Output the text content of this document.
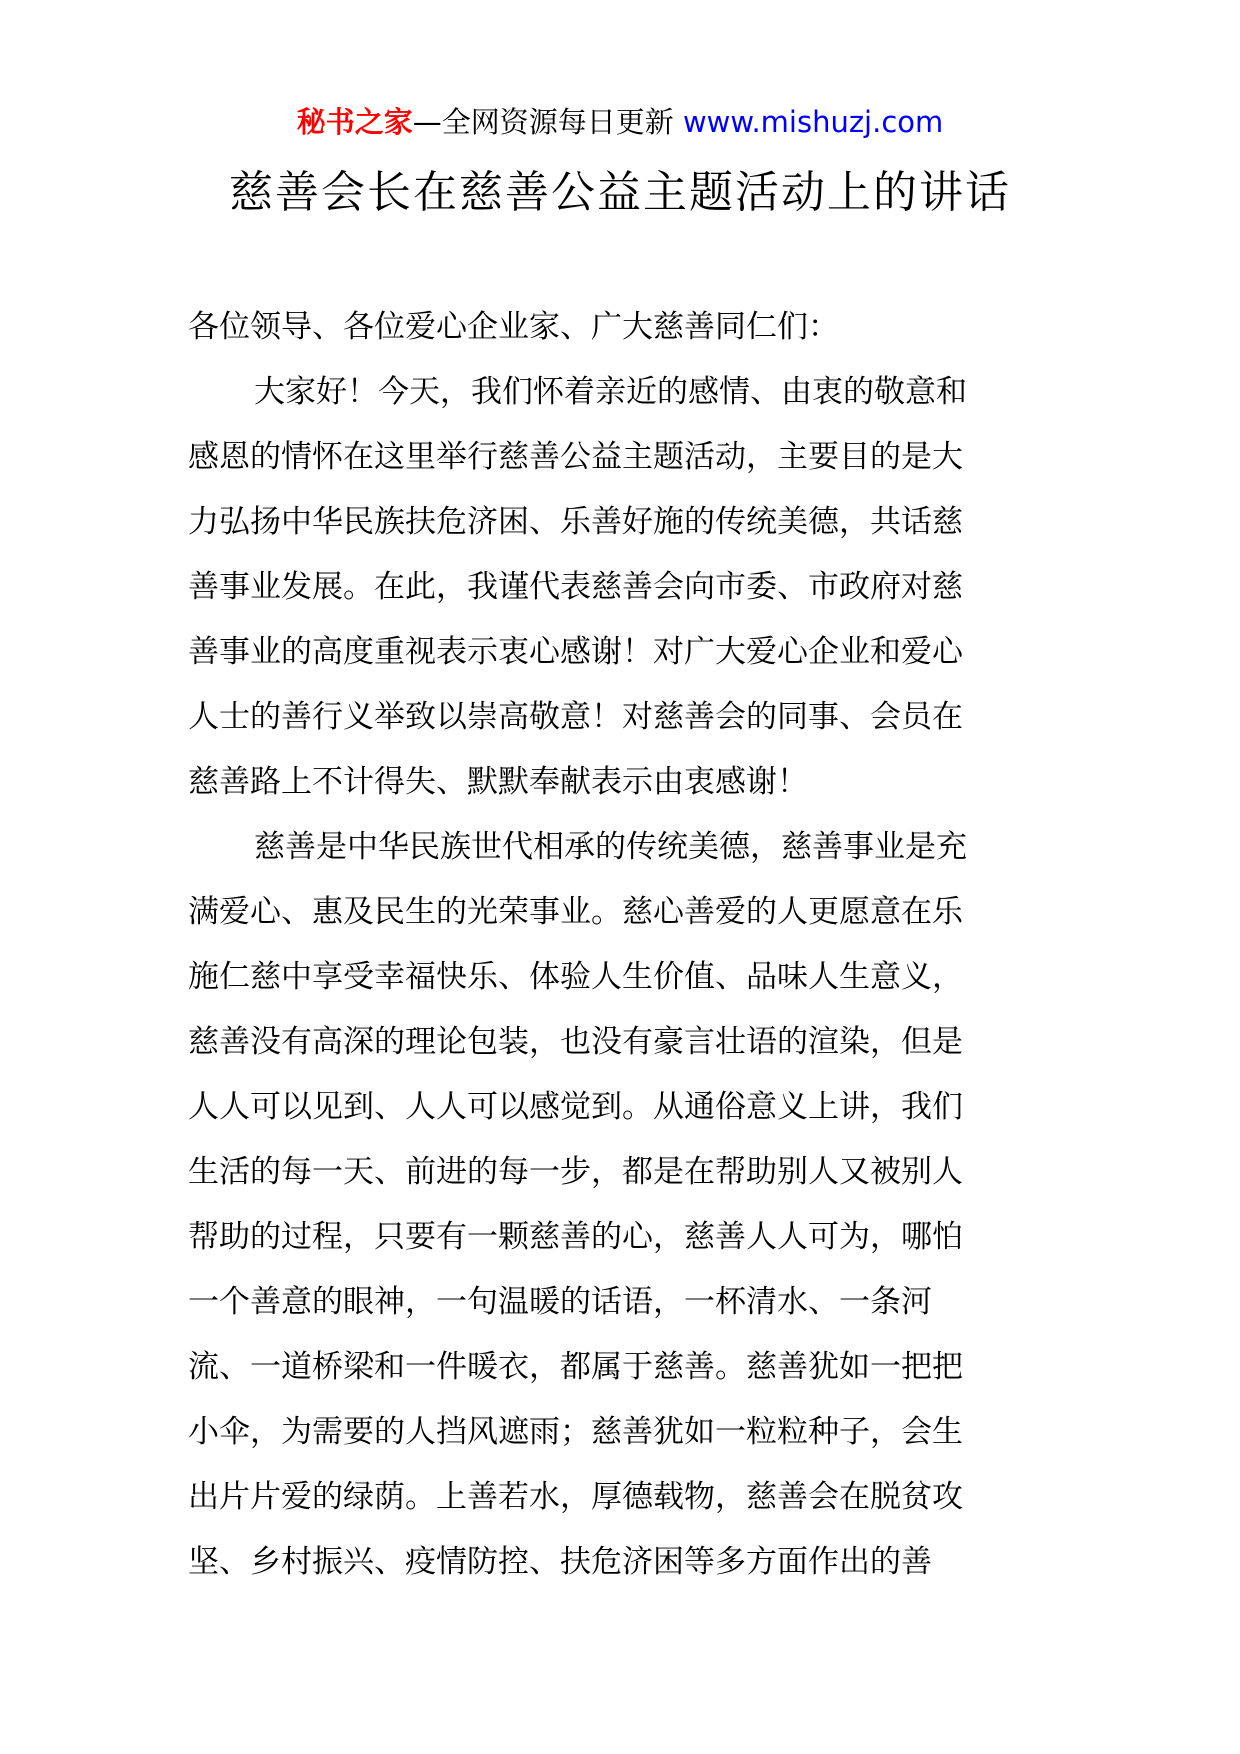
秘书之家—全网资源每日更新 www.mishuzj.com
慈善会长在慈善公益主题活动上的讲话
各位领导、各位爱心企业家、广大慈善同仁们：
大家好！今天，我们怀着亲近的感情、由衷的敬意和
感恩的情怀在这里举行慈善公益主题活动，主要目的是大
力弘扬中华民族扶危济困、乐善好施的传统美德，共话慈
善事业发展。在此，我谨代表慈善会向市委、市政府对慈
善事业的高度重视表示衷心感谢！对广大爱心企业和爱心
人士的善行义举致以崇高敬意！对慈善会的同事、会员在
慈善路上不计得失、默默奉献表示由衷感谢！
慈善是中华民族世代相承的传统美德，慈善事业是充
满爱心、惠及民生的光荣事业。慈心善爱的人更愿意在乐
施仁慈中享受幸福快乐、体验人生价值、品味人生意义，
慈善没有高深的理论包装，也没有豪言壮语的渲染，但是
人人可以见到、人人可以感觉到。从通俗意义上讲，我们
生活的每一天、前进的每一步，都是在帮助别人又被别人
帮助的过程，只要有一颗慈善的心，慈善人人可为，哪怕
一个善意的眼神，一句温暖的话语，一杯清水、一条河
流、一道桥梁和一件暖衣，都属于慈善。慈善犹如一把把
小伞，为需要的人挡风遮雨；慈善犹如一粒粒种子，会生
出片片爱的绿荫。上善若水，厚德载物，慈善会在脱贫攻
坚、乡村振兴、疫情防控、扶危济困等多方面作出的善
